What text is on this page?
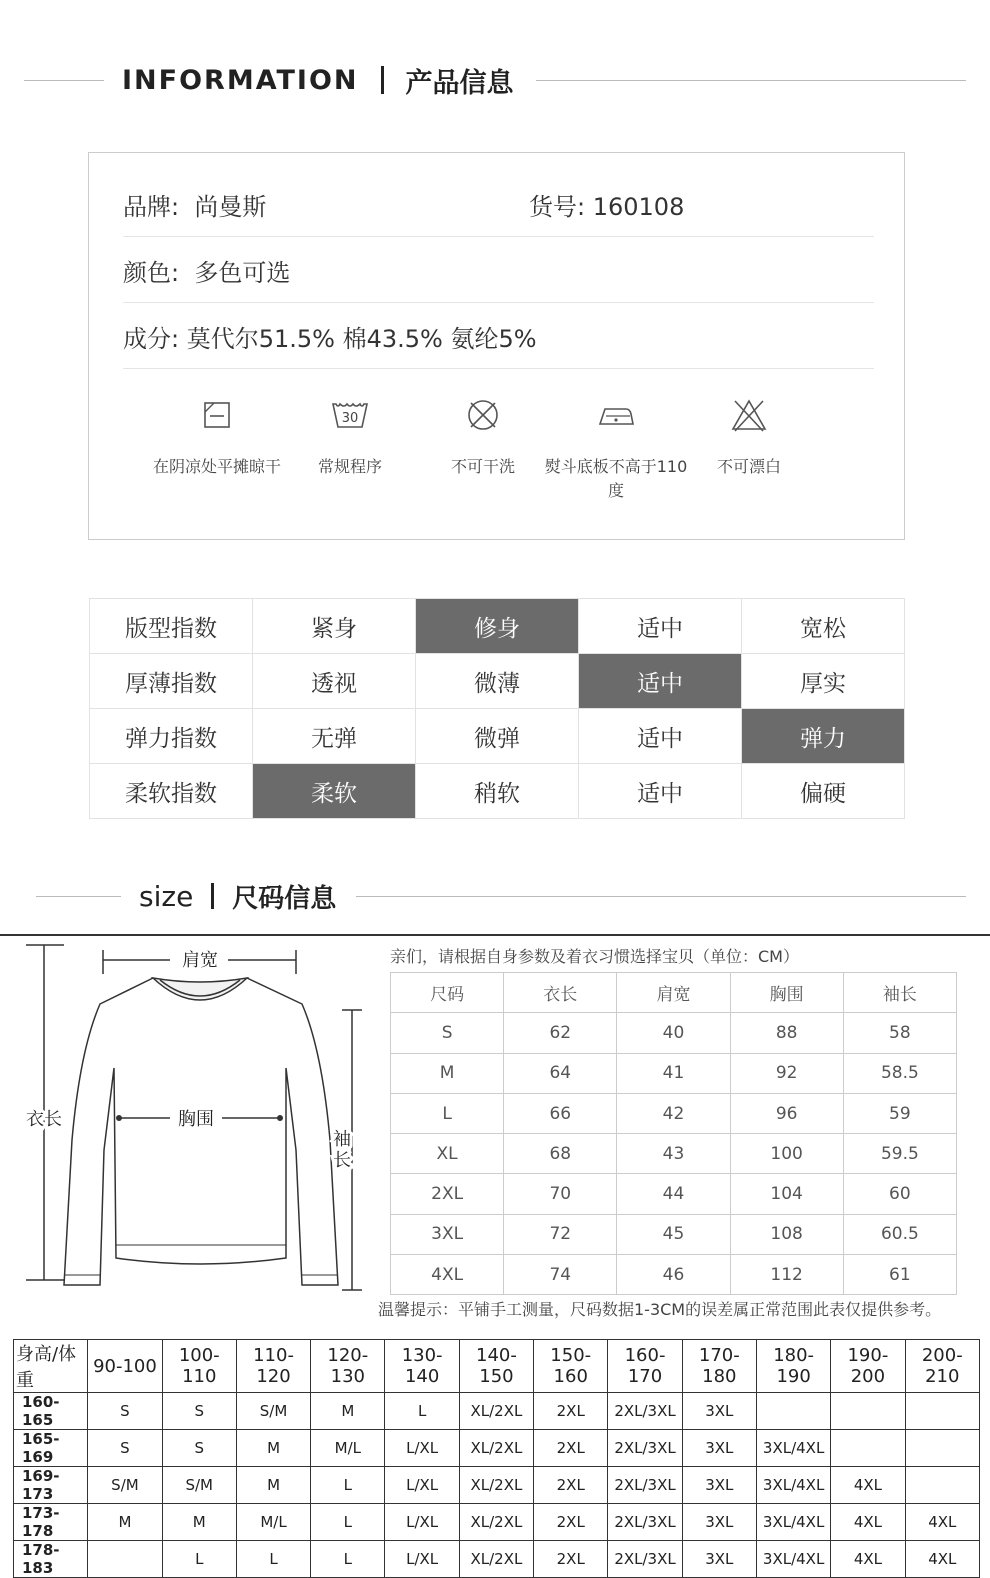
INFORMATION 产品信息
品牌: 尚曼斯	货号: 160108
颜色: 多色可选
成分: 莫代尔51.5% 棉43.5% 氨纶5%
在阴凉处平摊晾干
30
常规程序	不可干洗	熨斗底板不高于110度
不可漂白
版型指数	紧身	修身	适中	宽松
厚薄指数	透视	微薄	适中	厚实
弹力指数	无弹	微弹	适中	弹力
柔软指数	柔软	稍软	适中	偏硬
size 尺码信息
肩宽
衣长	胸围
袖
长
亲们，请根据自身参数及着衣习惯选择宝贝（单位：CM）
尺码	衣长	肩宽	胸围	袖长
S	62	40	88	58
M	64	41	92	58.5
L	66	42	96	59
XL	68	43	100	59.5
2XL	70	44	104	60
3XL	72	45	108	60.5
4XL	74	46	112	61
温馨提示：平铺手工测量，尺码数据1-3CM的误差属正常范围此表仅提供参考。
身高/体重	90-100	100-110	110-120	120-130	130-140	140-150	150-160	160-170	170-180	180-190	190-200	200-210
160-165	S	S	S/M	M	L	XL/2XL	2XL	2XL/3XL	3XL			
165-169	S	S	M	M/L	L/XL	XL/2XL	2XL	2XL/3XL	3XL	3XL/4XL		
169-173	S/M	S/M	M	L	L/XL	XL/2XL	2XL	2XL/3XL	3XL	3XL/4XL	4XL	
173-178	M	M	M/L	L	L/XL	XL/2XL	2XL	2XL/3XL	3XL	3XL/4XL	4XL	4XL
178-183		L	L	L	L/XL	XL/2XL	2XL	2XL/3XL	3XL	3XL/4XL	4XL	4XL
